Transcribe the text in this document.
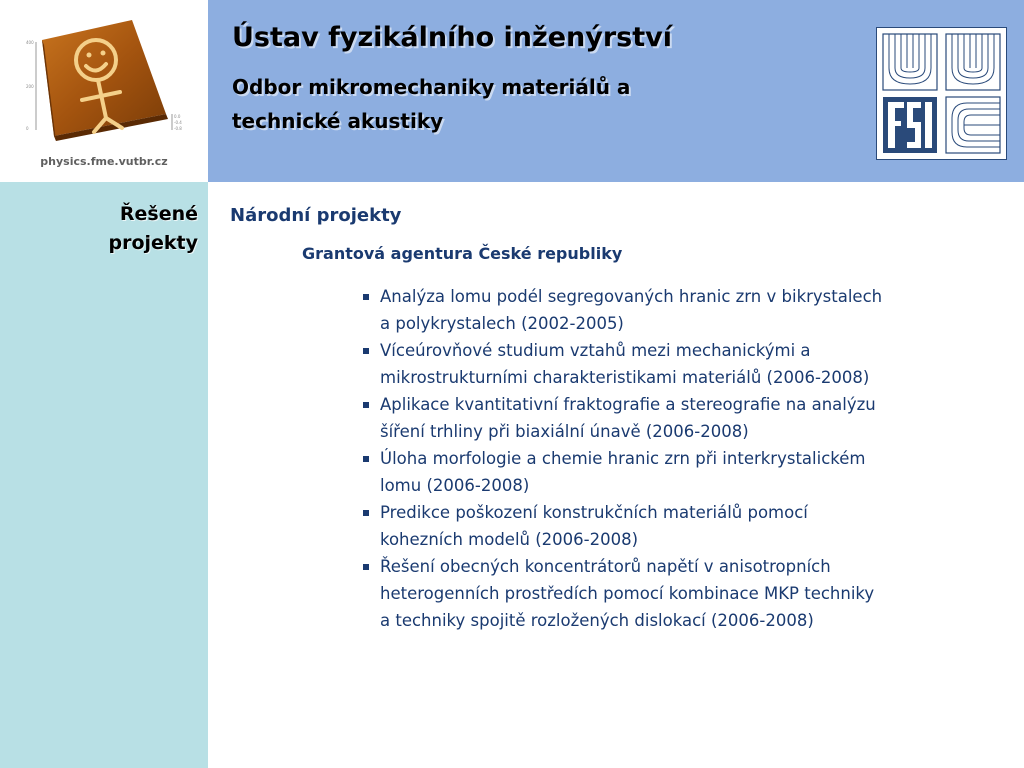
400
200
0
0.0
-0.4
-0.8
physics.fme.vutbr.cz
Ústav fyzikálního inženýrství
Odbor mikromechaniky materiálů a
technické akustiky
Řešené
projekty
Národní projekty
Grantová agentura České republiky
Analýza lomu podél segregovaných hranic zrn v bikrystalech
a polykrystalech (2002-2005)
Víceúrovňové studium vztahů mezi mechanickými a
mikrostrukturními charakteristikami materiálů (2006-2008)
Aplikace kvantitativní fraktografie a stereografie na analýzu
šíření trhliny při biaxiální únavě (2006-2008)
Úloha morfologie a chemie hranic zrn při interkrystalickém
lomu (2006-2008)
Predikce poškození konstrukčních materiálů pomocí
kohezních modelů (2006-2008)
Řešení obecných koncentrátorů napětí v anisotropních
heterogenních prostředích pomocí kombinace MKP techniky
a techniky spojitě rozložených dislokací (2006-2008)
